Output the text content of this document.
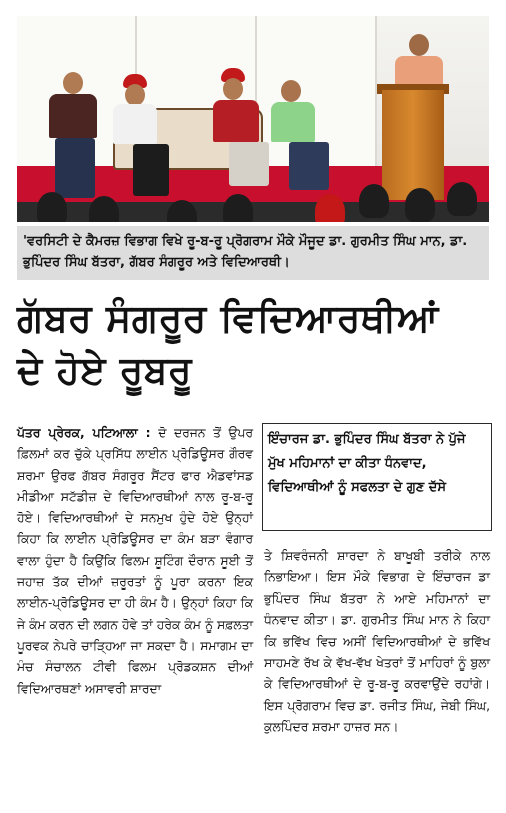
'ਵਰਸਿਟੀ ਦੇ ਕੈਮਰਜ਼ ਵਿਭਾਗ ਵਿਖੇ ਰੂ-ਬ-ਰੂ ਪ੍ਰੋਗਰਾਮ ਮੌਕੇ ਮੌਜੂਦ ਡਾ. ਗੁਰਮੀਤ ਸਿੰਘ ਮਾਨ, ਡਾ. ਭੁਪਿੰਦਰ ਸਿੰਘ ਬੱਤਰਾ, ਗੱਬਰ ਸੰਗਰੂਰ ਅਤੇ ਵਿਦਿਆਰਥੀ।
ਗੱਬਰ ਸੰਗਰੂਰ ਵਿਦਿਆਰਥੀਆਂ
ਦੇ ਹੋਏ ਰੂਬਰੂ
ਪੱਤਰ ਪ੍ਰੇਰਕ, ਪਟਿਆਲਾ : ਦੋ ਦਰਜਨ ਤੋਂ ਉਪਰ ਫ਼ਿਲਮਾਂ ਕਰ ਚੁੱਕੇ ਪ੍ਰਸਿੱਧ ਲਾਈਨ ਪ੍ਰੋਡਿਊਸਰ ਗੌਰਵ ਸ਼ਰਮਾ ਉਰਫ ਗੱਬਰ ਸੰਗਰੂਰ ਸੈਂਟਰ ਫਾਰ ਐਡਵਾਂਸਡ ਮੀਡੀਆ ਸਟੱਡੀਜ਼ ਦੇ ਵਿਦਿਆਰਥੀਆਂ ਨਾਲ ਰੂ-ਬ-ਰੂ ਹੋਏ। ਵਿਦਿਆਰਥੀਆਂ ਦੇ ਸਨਮੁਖ ਹੁੰਦੇ ਹੋਏ ਉਨ੍ਹਾਂ ਕਿਹਾ ਕਿ ਲਾਈਨ ਪ੍ਰੋਡਿਊਸਰ ਦਾ ਕੰਮ ਬੜਾ ਵੰਗਾਰ ਵਾਲਾ ਹੁੰਦਾ ਹੈ ਕਿਉਂਕਿ ਫਿਲਮ ਸ਼ੂਟਿੰਗ ਦੌਰਾਨ ਸੂਈ ਤੋਂ ਜਹਾਜ਼ ਤੱਕ ਦੀਆਂ ਜ਼ਰੂਰਤਾਂ ਨੂੰ ਪੂਰਾ ਕਰਨਾ ਇਕ ਲਾਈਨ-ਪ੍ਰੋਡਿਊਸਰ ਦਾ ਹੀ ਕੰਮ ਹੈ। ਉਨ੍ਹਾਂ ਕਿਹਾ ਕਿ ਜੇ ਕੰਮ ਕਰਨ ਦੀ ਲਗਨ ਹੋਵੇ ਤਾਂ ਹਰੇਕ ਕੰਮ ਨੂੰ ਸਫ਼ਲਤਾ ਪੂਰਵਕ ਨੇਪਰੇ ਚਾੜ੍ਹਿਆ ਜਾ ਸਕਦਾ ਹੈ। ਸਮਾਗਮ ਦਾ ਮੰਚ ਸੰਚਾਲਨ ਟੀਵੀ ਫਿਲਮ ਪ੍ਰੋਡਕਸ਼ਨ ਦੀਆਂ ਵਿਦਿਆਰਥਣਾਂ ਅਸਾਵਰੀ ਸ਼ਾਰਦਾ
ਇੰਚਾਰਜ ਡਾ. ਭੁਪਿੰਦਰ ਸਿੰਘ ਬੱਤਰਾ ਨੇ ਪੁੱਜੇ ਮੁੱਖ ਮਹਿਮਾਨਾਂ ਦਾ ਕੀਤਾ ਧੰਨਵਾਦ, ਵਿਦਿਆਥੀਆਂ ਨੂੰ ਸਫਲਤਾ ਦੇ ਗੁਣ ਦੱਸੇ
ਤੇ ਸ਼ਿਵਰੰਜਨੀ ਸ਼ਾਰਦਾ ਨੇ ਬਾਖੂਬੀ ਤਰੀਕੇ ਨਾਲ ਨਿਭਾਇਆ। ਇਸ ਮੌਕੇ ਵਿਭਾਗ ਦੇ ਇੰਚਾਰਜ ਡਾ ਭੁਪਿੰਦਰ ਸਿੰਘ ਬੱਤਰਾ ਨੇ ਆਏ ਮਹਿਮਾਨਾਂ ਦਾ ਧੰਨਵਾਦ ਕੀਤਾ। ਡਾ. ਗੁਰਮੀਤ ਸਿੰਘ ਮਾਨ ਨੇ ਕਿਹਾ ਕਿ ਭਵਿੱਖ ਵਿਚ ਅਸੀਂ ਵਿਦਿਆਰਥੀਆਂ ਦੇ ਭਵਿੱਖ ਸਾਹਮਣੇ ਰੱਖ ਕੇ ਵੱਖ-ਵੱਖ ਖੇਤਰਾਂ ਤੋਂ ਮਾਹਿਰਾਂ ਨੂੰ ਬੁਲਾ ਕੇ ਵਿਦਿਆਰਥੀਆਂ ਦੇ ਰੂ-ਬ-ਰੂ ਕਰਵਾਉਂਦੇ ਰਹਾਂਗੇ। ਇਸ ਪ੍ਰੋਗਰਾਮ ਵਿਚ ਡਾ. ਰਜੀਤ ਸਿੰਘ, ਜੇਬੀ ਸਿੰਘ, ਕੁਲਪਿੰਦਰ ਸ਼ਰਮਾ ਹਾਜ਼ਰ ਸਨ।
